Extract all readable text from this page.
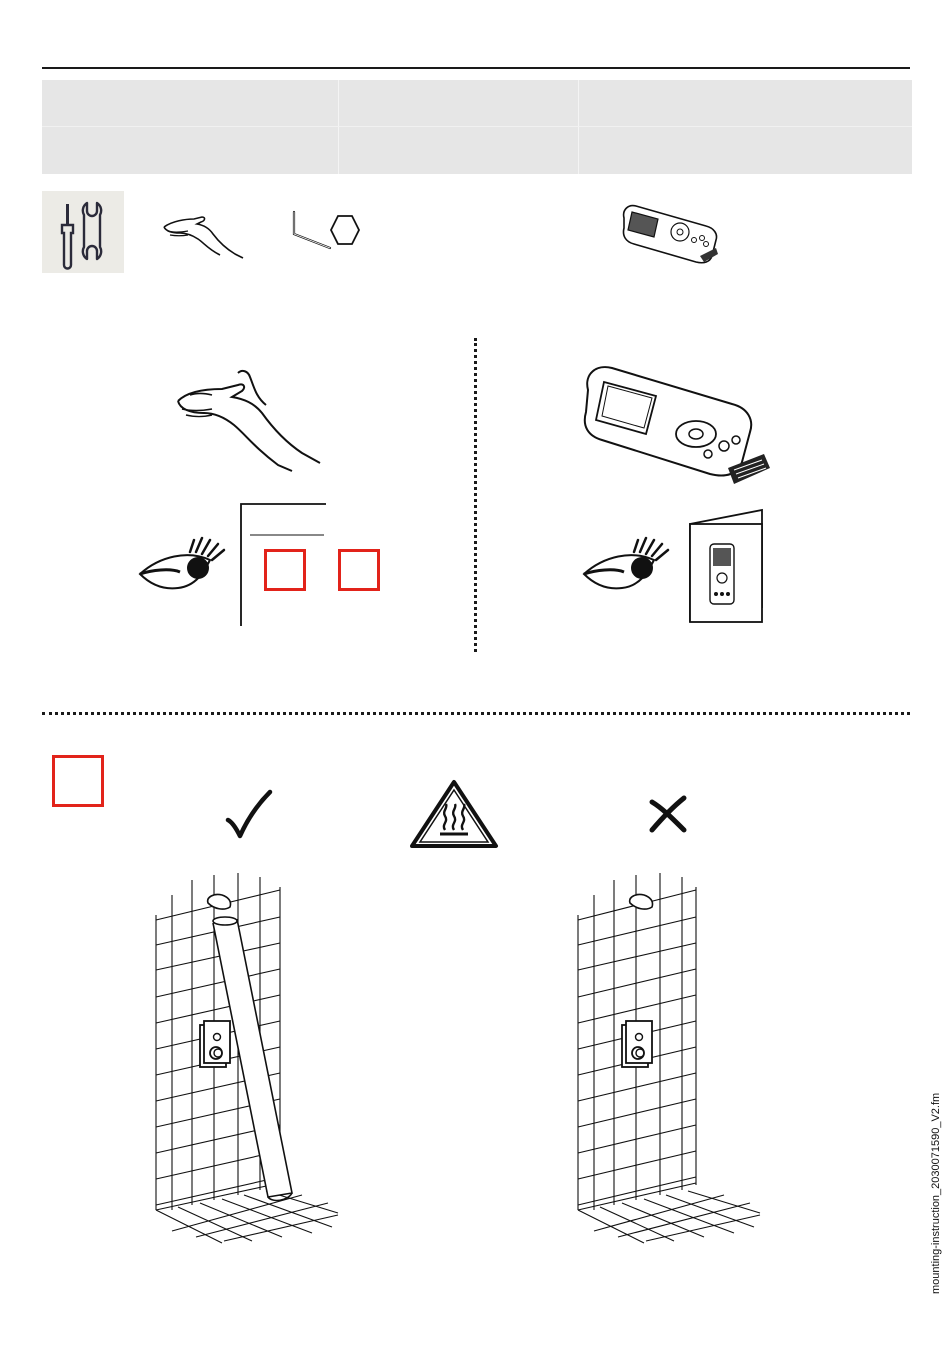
mounting-instruction_2030071590_V2.fm
